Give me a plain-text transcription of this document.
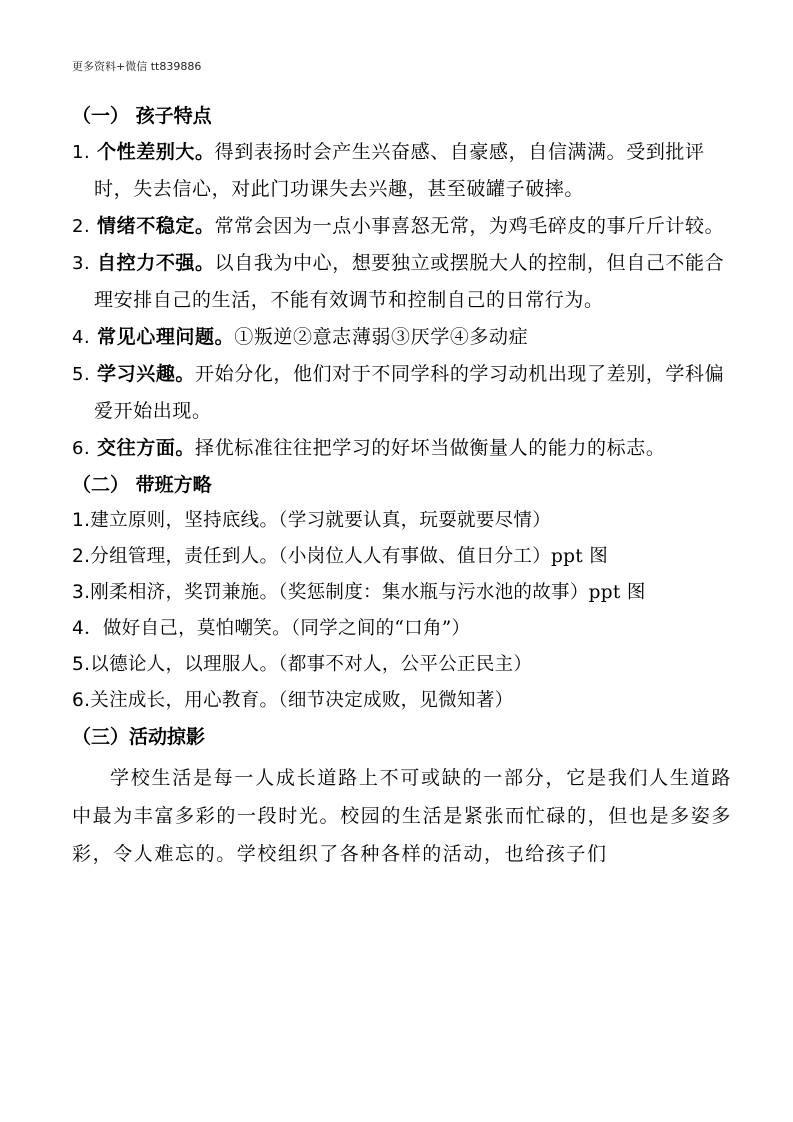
更多资料+微信 tt839886
（一） 孩子特点
1. 个性差别大。得到表扬时会产生兴奋感、自豪感，自信满满。受到批评时，失去信心，对此门功课失去兴趣，甚至破罐子破摔。
2. 情绪不稳定。常常会因为一点小事喜怒无常，为鸡毛碎皮的事斤斤计较。
3. 自控力不强。以自我为中心，想要独立或摆脱大人的控制，但自己不能合理安排自己的生活，不能有效调节和控制自己的日常行为。
4. 常见心理问题。①叛逆②意志薄弱③厌学④多动症
5. 学习兴趣。开始分化，他们对于不同学科的学习动机出现了差别，学科偏爱开始出现。
6. 交往方面。择优标准往往把学习的好坏当做衡量人的能力的标志。
（二） 带班方略
1.建立原则，坚持底线。（学习就要认真，玩耍就要尽情）
2.分组管理，责任到人。（小岗位人人有事做、值日分工）ppt 图
3.刚柔相济，奖罚兼施。（奖惩制度：集水瓶与污水池的故事）ppt 图
4．做好自己，莫怕嘲笑。（同学之间的“口角”）
5.以德论人，以理服人。（都事不对人，公平公正民主）
6.关注成长，用心教育。（细节决定成败，见微知著）
（三）活动掠影
学校生活是每一人成长道路上不可或缺的一部分，它是我们人生道路中最为丰富多彩的一段时光。校园的生活是紧张而忙碌的，但也是多姿多彩，令人难忘的。学校组织了各种各样的活动，也给孩子们
